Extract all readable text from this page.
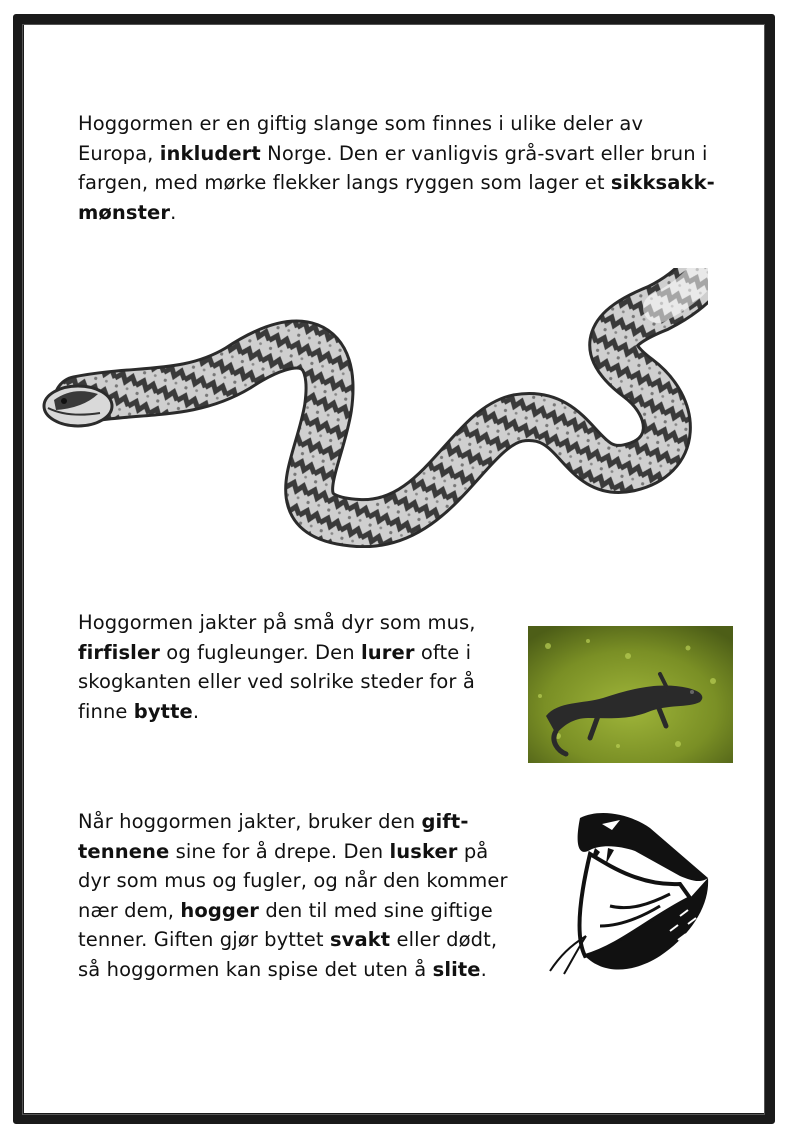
Hoggormen er en giftig slange som finnes i ulike deler av Europa, inkludert Norge. Den er vanligvis grå-svart eller brun i fargen, med mørke flekker langs ryggen som lager et sikksakk-mønster.

Hoggormen jakter på små dyr som mus, firfisler og fugleunger. Den lurer ofte i skogkanten eller ved solrike steder for å finne bytte.

Når hoggormen jakter, bruker den gift-tennene sine for å drepe. Den lusker på dyr som mus og fugler, og når den kommer nær dem, hogger den til med sine giftige tenner. Giften gjør byttet svakt eller dødt, så hoggormen kan spise det uten å slite.
